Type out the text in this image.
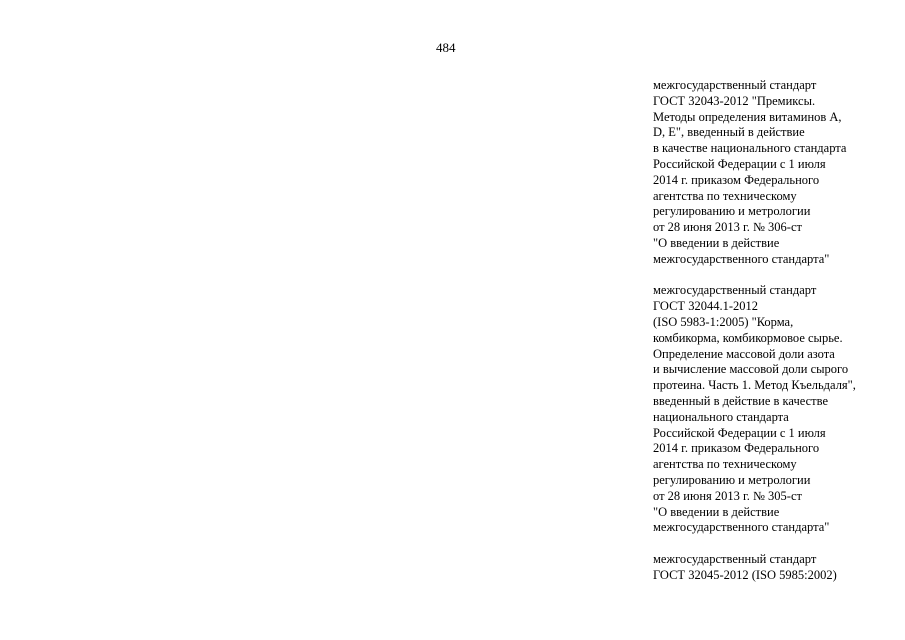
484
межгосударственный стандарт
ГОСТ 32043-2012 "Премиксы.
Методы определения витаминов А,
D, Е", введенный в действие
в качестве национального стандарта
Российской Федерации с 1 июля
2014 г. приказом Федерального
агентства по техническому
регулированию и метрологии
от 28 июня 2013 г. № 306-ст
"О введении в действие
межгосударственного стандарта"
межгосударственный стандарт
ГОСТ 32044.1-2012
(ISO 5983-1:2005) "Корма,
комбикорма, комбикормовое сырье.
Определение массовой доли азота
и вычисление массовой доли сырого
протеина. Часть 1. Метод Къельдаля",
введенный в действие в качестве
национального стандарта
Российской Федерации с 1 июля
2014 г. приказом Федерального
агентства по техническому
регулированию и метрологии
от 28 июня 2013 г. № 305-ст
"О введении в действие
межгосударственного стандарта"
межгосударственный стандарт
ГОСТ 32045-2012 (ISO 5985:2002)
